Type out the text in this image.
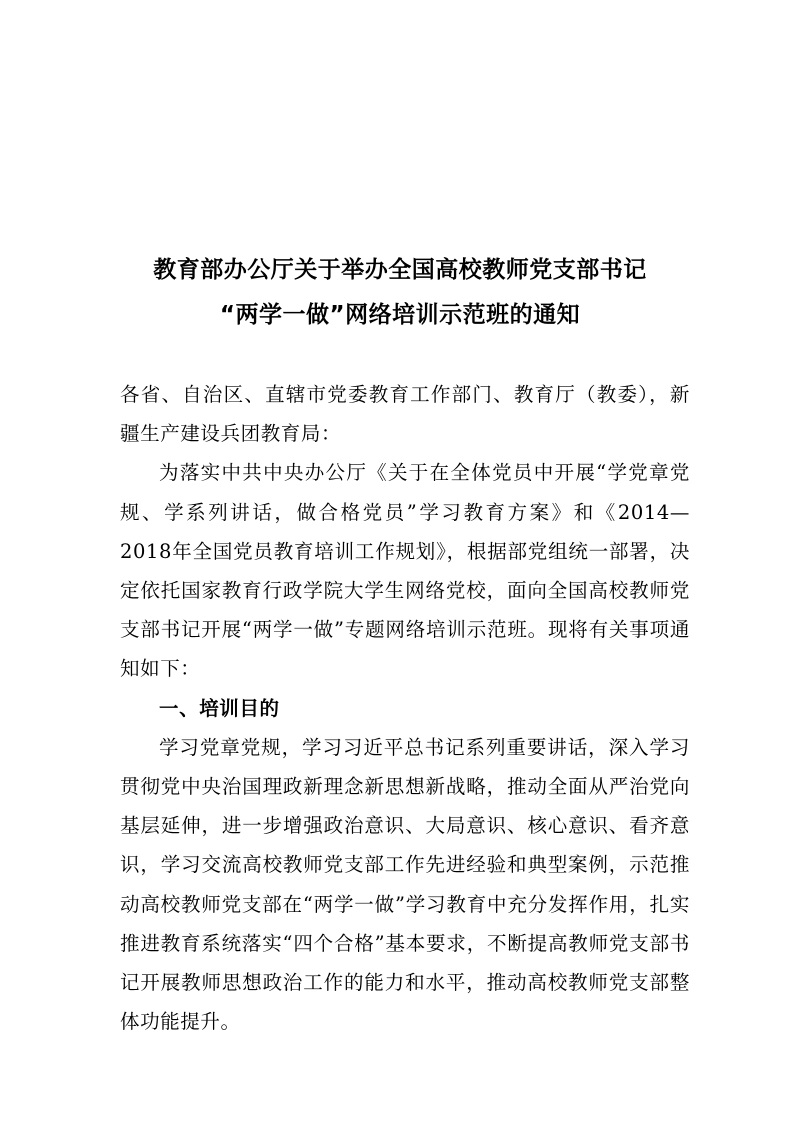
教育部办公厅关于举办全国高校教师党支部书记
“两学一做”网络培训示范班的通知

各省、自治区、直辖市党委教育工作部门、教育厅（教委），新疆生产建设兵团教育局：

为落实中共中央办公厅《关于在全体党员中开展“学党章党规、学系列讲话，做合格党员”学习教育方案》和《2014—2018年全国党员教育培训工作规划》，根据部党组统一部署，决定依托国家教育行政学院大学生网络党校，面向全国高校教师党支部书记开展“两学一做”专题网络培训示范班。现将有关事项通知如下：

一、培训目的

学习党章党规，学习习近平总书记系列重要讲话，深入学习贯彻党中央治国理政新理念新思想新战略，推动全面从严治党向基层延伸，进一步增强政治意识、大局意识、核心意识、看齐意识，学习交流高校教师党支部工作先进经验和典型案例，示范推动高校教师党支部在“两学一做”学习教育中充分发挥作用，扎实推进教育系统落实“四个合格”基本要求，不断提高教师党支部书记开展教师思想政治工作的能力和水平，推动高校教师党支部整体功能提升。
